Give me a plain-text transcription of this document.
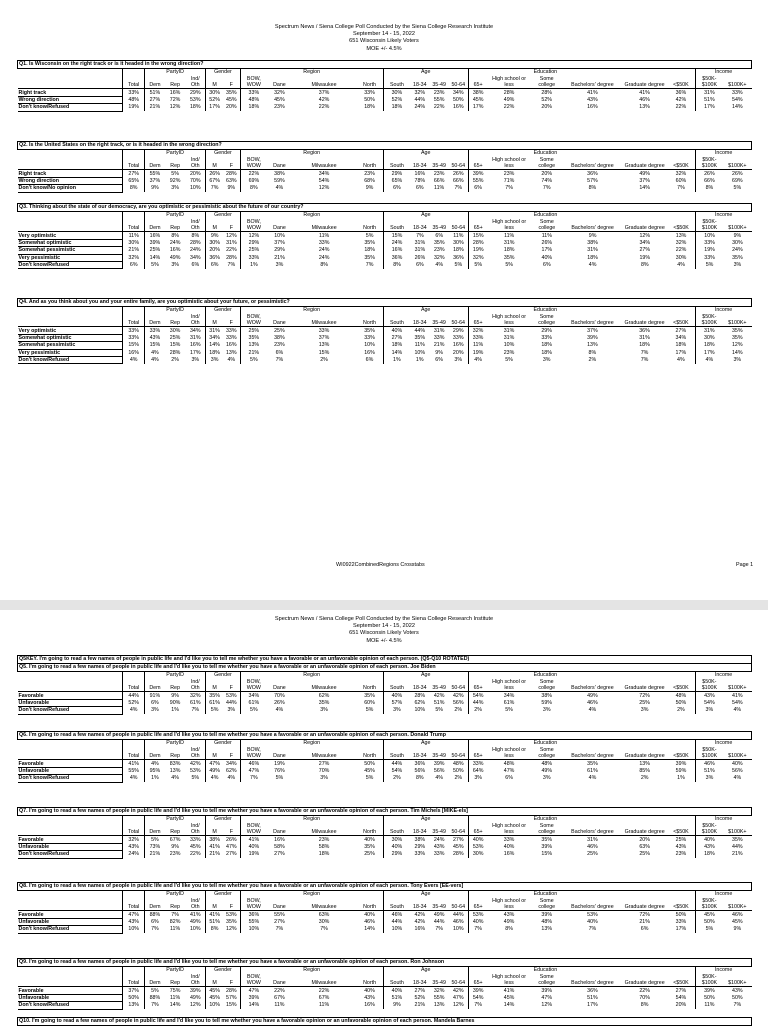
Spectrum News / Siena College Poll Conducted by the Siena College Research Institute
September 14 - 15, 2022
651 Wisconsin Likely Voters
MOE +/- 4.5%
Q1. Is Wisconsin on the right track or is it headed in the wrong direction?																						
		PartyID			Gender		Region				Age				Education						Income	
	Total	Dem	Rep	Ind/ Oth	M	F	BOW, WOW	Dane	Milwaukee	North	South	18-34	35-49	50-64	65+	High school or less	Some college	Bachelors' degree	Graduate degree	<$50K	$50K- $100K	$100K+
Right track	33%	51%	16%	29%	30%	35%	33%	32%	37%	33%	30%	32%	23%	34%	38%	28%	28%	41%	41%	36%	31%	33%
Wrong direction	48%	27%	72%	53%	52%	45%	48%	45%	42%	50%	52%	44%	55%	50%	45%	49%	52%	43%	46%	42%	51%	54%
Don't know/Refused	19%	21%	12%	18%	17%	20%	18%	23%	22%	18%	18%	24%	22%	16%	17%	22%	20%	16%	13%	22%	17%	14%
Q2. Is the United States on the right track, or is it headed in the wrong direction?																						
		PartyID			Gender		Region				Age				Education						Income	
	Total	Dem	Rep	Ind/ Oth	M	F	BOW, WOW	Dane	Milwaukee	North	South	18-34	35-49	50-64	65+	High school or less	Some college	Bachelors' degree	Graduate degree	<$50K	$50K- $100K	$100K+
Right track	27%	55%	5%	20%	26%	28%	22%	38%	34%	23%	29%	16%	23%	26%	39%	23%	20%	36%	49%	32%	26%	26%
Wrong direction	65%	37%	92%	70%	67%	63%	69%	59%	54%	68%	65%	78%	66%	66%	55%	71%	74%	57%	37%	60%	66%	69%
Don't know/No opinion	8%	9%	3%	10%	7%	9%	8%	4%	12%	9%	6%	6%	11%	7%	6%	7%	7%	8%	14%	7%	8%	5%
Q3. Thinking about the state of our democracy, are you optimistic or pessimistic about the future of our country?																						
		PartyID			Gender		Region				Age				Education						Income	
	Total	Dem	Rep	Ind/ Oth	M	F	BOW, WOW	Dane	Milwaukee	North	South	18-34	35-49	50-64	65+	High school or less	Some college	Bachelors' degree	Graduate degree	<$50K	$50K- $100K	$100K+
Very optimistic	11%	16%	8%	8%	9%	12%	12%	10%	11%	5%	15%	7%	6%	11%	15%	11%	11%	9%	12%	13%	10%	9%
Somewhat optimistic	30%	39%	24%	28%	30%	31%	29%	37%	33%	35%	24%	31%	35%	30%	28%	31%	26%	38%	34%	32%	33%	30%
Somewhat pessimistic	21%	25%	16%	24%	20%	22%	25%	29%	24%	18%	16%	31%	23%	18%	19%	18%	17%	31%	27%	22%	19%	24%
Very pessimistic	32%	14%	49%	34%	36%	28%	33%	21%	24%	35%	36%	26%	32%	36%	32%	35%	40%	18%	19%	30%	33%	35%
Don't know/Refused	6%	5%	3%	6%	6%	7%	1%	3%	8%	7%	8%	6%	4%	5%	5%	5%	6%	4%	8%	4%	5%	3%
Q4. And as you think about you and your entire family, are you optimistic about your future, or pessimistic?																						
		PartyID			Gender		Region				Age				Education						Income	
	Total	Dem	Rep	Ind/ Oth	M	F	BOW, WOW	Dane	Milwaukee	North	South	18-34	35-49	50-64	65+	High school or less	Some college	Bachelors' degree	Graduate degree	<$50K	$50K- $100K	$100K+
Very optimistic	33%	33%	30%	34%	31%	33%	25%	25%	33%	35%	40%	44%	31%	29%	32%	31%	29%	37%	36%	27%	31%	35%
Somewhat optimistic	33%	43%	25%	31%	34%	33%	35%	38%	37%	33%	27%	35%	33%	33%	33%	31%	33%	39%	31%	34%	30%	35%
Somewhat pessimistic	15%	15%	15%	16%	14%	16%	13%	23%	13%	10%	18%	11%	21%	16%	11%	10%	18%	13%	18%	18%	18%	12%
Very pessimistic	16%	4%	28%	17%	18%	13%	21%	6%	15%	16%	14%	10%	9%	20%	19%	23%	18%	8%	7%	17%	17%	14%
Don't know/Refused	4%	4%	2%	3%	3%	4%	5%	7%	2%	6%	1%	1%	6%	3%	4%	5%	3%	2%	7%	4%	4%	3%
WI0922CombinedRegions Crosstabs	Page 1
Spectrum News / Siena College Poll Conducted by the Siena College Research Institute
September 14 - 15, 2022
651 Wisconsin Likely Voters
MOE +/- 4.5%
Q5KEY. I'm going to read a few names of people in public life and I'd like you to tell me whether you have a favorable or an unfavorable opinion of each person. (Q5-Q10 ROTATED)
Q5. I'm going to read a few names of people in public life and I'd like you to tell me whether you have a favorable or an unfavorable opinion of each person. Joe Biden																						
		PartyID			Gender		Region				Age				Education						Income	
	Total	Dem	Rep	Ind/ Oth	M	F	BOW, WOW	Dane	Milwaukee	North	South	18-34	35-49	50-64	65+	High school or less	Some college	Bachelors' degree	Graduate degree	<$50K	$50K- $100K	$100K+
Favorable	44%	91%	9%	32%	35%	53%	34%	70%	62%	35%	40%	28%	42%	42%	54%	34%	38%	49%	72%	48%	43%	41%
Unfavorable	52%	6%	90%	61%	61%	44%	61%	26%	35%	60%	57%	62%	51%	56%	44%	61%	59%	46%	25%	50%	54%	54%
Don't know/Refused	4%	3%	1%	7%	5%	3%	5%	4%	3%	5%	3%	10%	5%	2%	2%	5%	3%	4%	3%	2%	3%	4%
Q6. I'm going to read a few names of people in public life and I'd like you to tell me whether you have a favorable or an unfavorable opinion of each person. Donald Trump																						
		PartyID			Gender		Region				Age				Education						Income	
	Total	Dem	Rep	Ind/ Oth	M	F	BOW, WOW	Dane	Milwaukee	North	South	18-34	35-49	50-64	65+	High school or less	Some college	Bachelors' degree	Graduate degree	<$50K	$50K- $100K	$100K+
Favorable	41%	4%	83%	42%	47%	34%	46%	19%	27%	50%	44%	36%	39%	48%	33%	48%	48%	35%	13%	39%	46%	40%
Unfavorable	55%	95%	13%	53%	49%	62%	47%	76%	70%	45%	54%	56%	56%	50%	64%	47%	49%	61%	85%	59%	51%	56%
Don't know/Refused	4%	1%	4%	5%	4%	4%	7%	5%	3%	5%	2%	8%	4%	2%	3%	6%	3%	4%	2%	1%	3%	4%
Q7. I'm going to read a few names of people in public life and I'd like you to tell me whether you have a favorable or an unfavorable opinion of each person. Tim Michels [MIKE-els]																						
		PartyID			Gender		Region				Age				Education						Income	
	Total	Dem	Rep	Ind/ Oth	M	F	BOW, WOW	Dane	Milwaukee	North	South	18-34	35-49	50-64	65+	High school or less	Some college	Bachelors' degree	Graduate degree	<$50K	$50K- $100K	$100K+
Favorable	32%	5%	67%	33%	38%	26%	41%	16%	23%	40%	30%	38%	24%	27%	40%	33%	35%	31%	20%	25%	40%	35%
Unfavorable	43%	73%	9%	45%	41%	47%	40%	58%	58%	35%	40%	29%	43%	45%	53%	40%	39%	46%	63%	43%	43%	44%
Don't know/Refused	24%	21%	23%	22%	21%	27%	19%	27%	18%	25%	29%	33%	33%	28%	30%	16%	15%	25%	25%	23%	18%	21%
Q8. I'm going to read a few names of people in public life and I'd like you to tell me whether you have a favorable or an unfavorable opinion of each person. Tony Evers [EE-vers]																						
		PartyID			Gender		Region				Age				Education						Income	
	Total	Dem	Rep	Ind/ Oth	M	F	BOW, WOW	Dane	Milwaukee	North	South	18-34	35-49	50-64	65+	High school or less	Some college	Bachelors' degree	Graduate degree	<$50K	$50K- $100K	$100K+
Favorable	47%	88%	7%	41%	41%	53%	36%	55%	63%	40%	46%	42%	49%	44%	53%	43%	39%	53%	72%	50%	45%	46%
Unfavorable	43%	6%	82%	49%	51%	35%	55%	27%	30%	46%	44%	42%	44%	46%	40%	49%	48%	40%	21%	33%	50%	45%
Don't know/Refused	10%	7%	11%	10%	8%	12%	10%	7%	7%	14%	10%	16%	7%	10%	7%	8%	13%	7%	6%	17%	5%	9%
Q9. I'm going to read a few names of people in public life and I'd like you to tell me whether you have a favorable or an unfavorable opinion of each person. Ron Johnson																						
		PartyID			Gender		Region				Age				Education						Income	
	Total	Dem	Rep	Ind/ Oth	M	F	BOW, WOW	Dane	Milwaukee	North	South	18-34	35-49	50-64	65+	High school or less	Some college	Bachelors' degree	Graduate degree	<$50K	$50K- $100K	$100K+
Favorable	37%	5%	75%	39%	45%	28%	47%	22%	22%	40%	40%	27%	32%	42%	39%	41%	39%	36%	22%	27%	39%	43%
Unfavorable	50%	88%	11%	49%	45%	57%	39%	67%	67%	43%	51%	52%	55%	47%	54%	45%	47%	51%	70%	54%	50%	50%
Don't know/Refused	13%	7%	14%	12%	10%	15%	14%	11%	11%	16%	9%	21%	13%	12%	7%	14%	12%	17%	8%	20%	11%	7%
Q10. I'm going to read a few names of people in public life and I'd like you to tell me whether you have a favorable opinion or an unfavorable opinion of each person. Mandela Barnes
